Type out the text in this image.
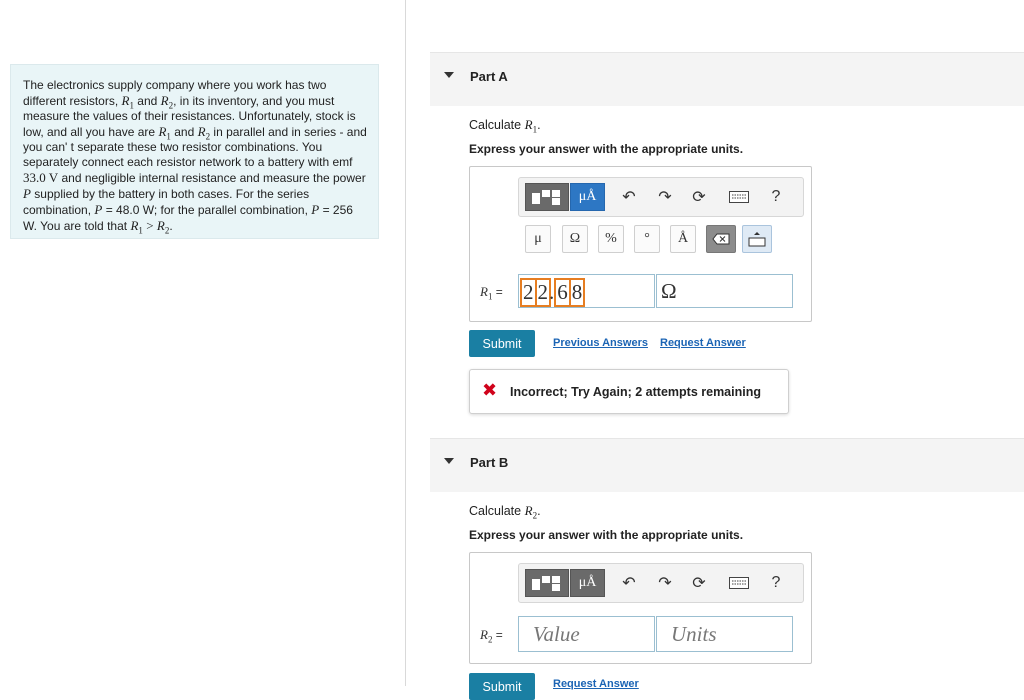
The electronics supply company where you work has two different resistors, $R_1$ and $R_2$, in its inventory, and you must measure the values of their resistances. Unfortunately, stock is low, and all you have are $R_1$ and $R_2$ in parallel and in series - and you can' t separate these two resistor combinations. You separately connect each resistor network to a battery with emf 33.0 V and negligible internal resistance and measure the power P supplied by the battery in both cases. For the series combination, P = 48.0 W; for the parallel combination, P = 256 W. You are told that $R_1 > R_2$.
Part A
Calculate $R_1$.
Express your answer with the appropriate units.
μÅ	↶	↷	⟳	?
μ	Ω	%	°	Å
$R_1 = 2$ 2. 6 8	Ω
Submit	Previous Answers Request Answer
✖ Incorrect; Try Again; 2 attempts remaining
Part B
Calculate $R_2$.
Express your answer with the appropriate units.
μÅ	↶	↷	⟳	?
$R_2$ = Value	Units
Submit	Request Answer
